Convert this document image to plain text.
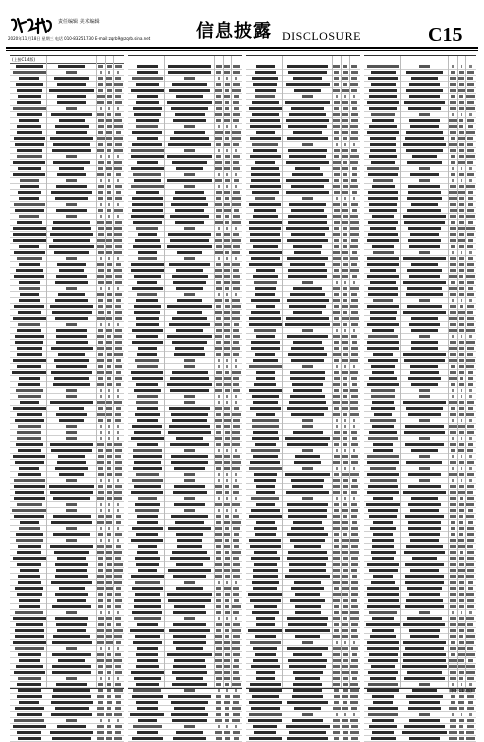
责任编辑 美术编辑
2020年11月18日 星期三 电话 010-83251730 E-mail:zqrb9@zqrb.sina.net	信息披露 DISCLOSURE	C15
(上接C14版)
(下转C16版)
